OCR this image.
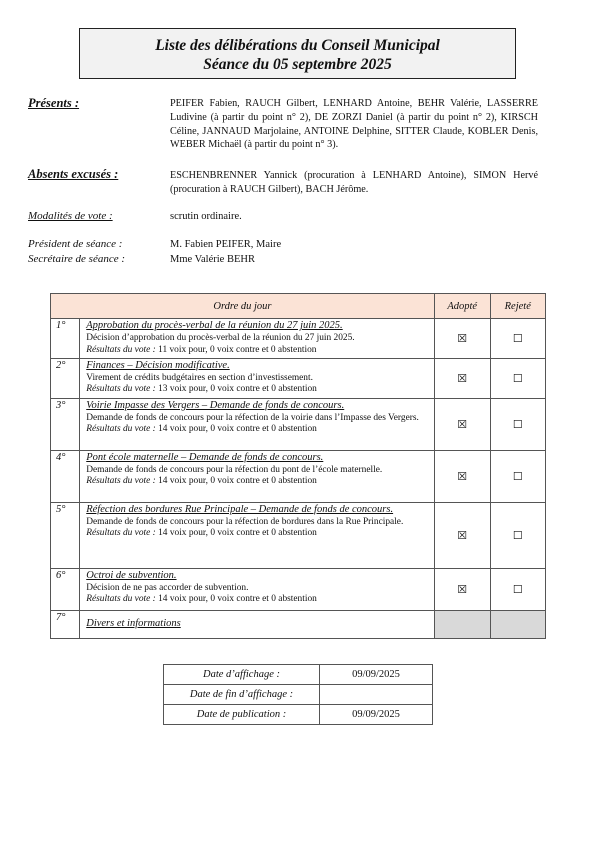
Liste des délibérations du Conseil Municipal
Séance du 05 septembre 2025
Présents :	PEIFER Fabien, RAUCH Gilbert, LENHARD Antoine, BEHR Valérie, LASSERRE Ludivine (à partir du point n° 2), DE ZORZI Daniel (à partir du point n° 2), KIRSCH Céline, JANNAUD Marjolaine, ANTOINE Delphine, SITTER Claude, KOBLER Denis, WEBER Michaël (à partir du point n° 3).
Absents excusés :	ESCHENBRENNER Yannick (procuration à LENHARD Antoine), SIMON Hervé (procuration à RAUCH Gilbert), BACH Jérôme.
Modalités de vote :	scrutin ordinaire.
Président de séance :	M. Fabien PEIFER, Maire
Secrétaire de séance :	Mme Valérie BEHR
Ordre du jour		Adopté	Rejeté
1°	Approbation du procès-verbal de la réunion du 27 juin 2025.
Décision d’approbation du procès-verbal de la réunion du 27 juin 2025.
Résultats du vote : 11 voix pour, 0 voix contre et 0 abstention	☒	☐
2°	Finances – Décision modificative.
Virement de crédits budgétaires en section d’investissement.
Résultats du vote : 13 voix pour, 0 voix contre et 0 abstention	☒	☐
3°	Voirie Impasse des Vergers – Demande de fonds de concours.
Demande de fonds de concours pour la réfection de la voirie dans l’Impasse des Vergers.
Résultats du vote : 14 voix pour, 0 voix contre et 0 abstention	☒	☐
4°	Pont école maternelle – Demande de fonds de concours.
Demande de fonds de concours pour la réfection du pont de l’école maternelle.
Résultats du vote : 14 voix pour, 0 voix contre et 0 abstention	☒	☐
5°	Réfection des bordures Rue Principale – Demande de fonds de concours.
Demande de fonds de concours pour la réfection de bordures dans la Rue Principale.
Résultats du vote : 14 voix pour, 0 voix contre et 0 abstention	☒	☐
6°	Octroi de subvention.
Décision de ne pas accorder de subvention.
Résultats du vote : 14 voix pour, 0 voix contre et 0 abstention	☒	☐
7°	Divers et informations		

Date d’affichage :	09/09/2025
Date de fin d’affichage :	
Date de publication :	09/09/2025
